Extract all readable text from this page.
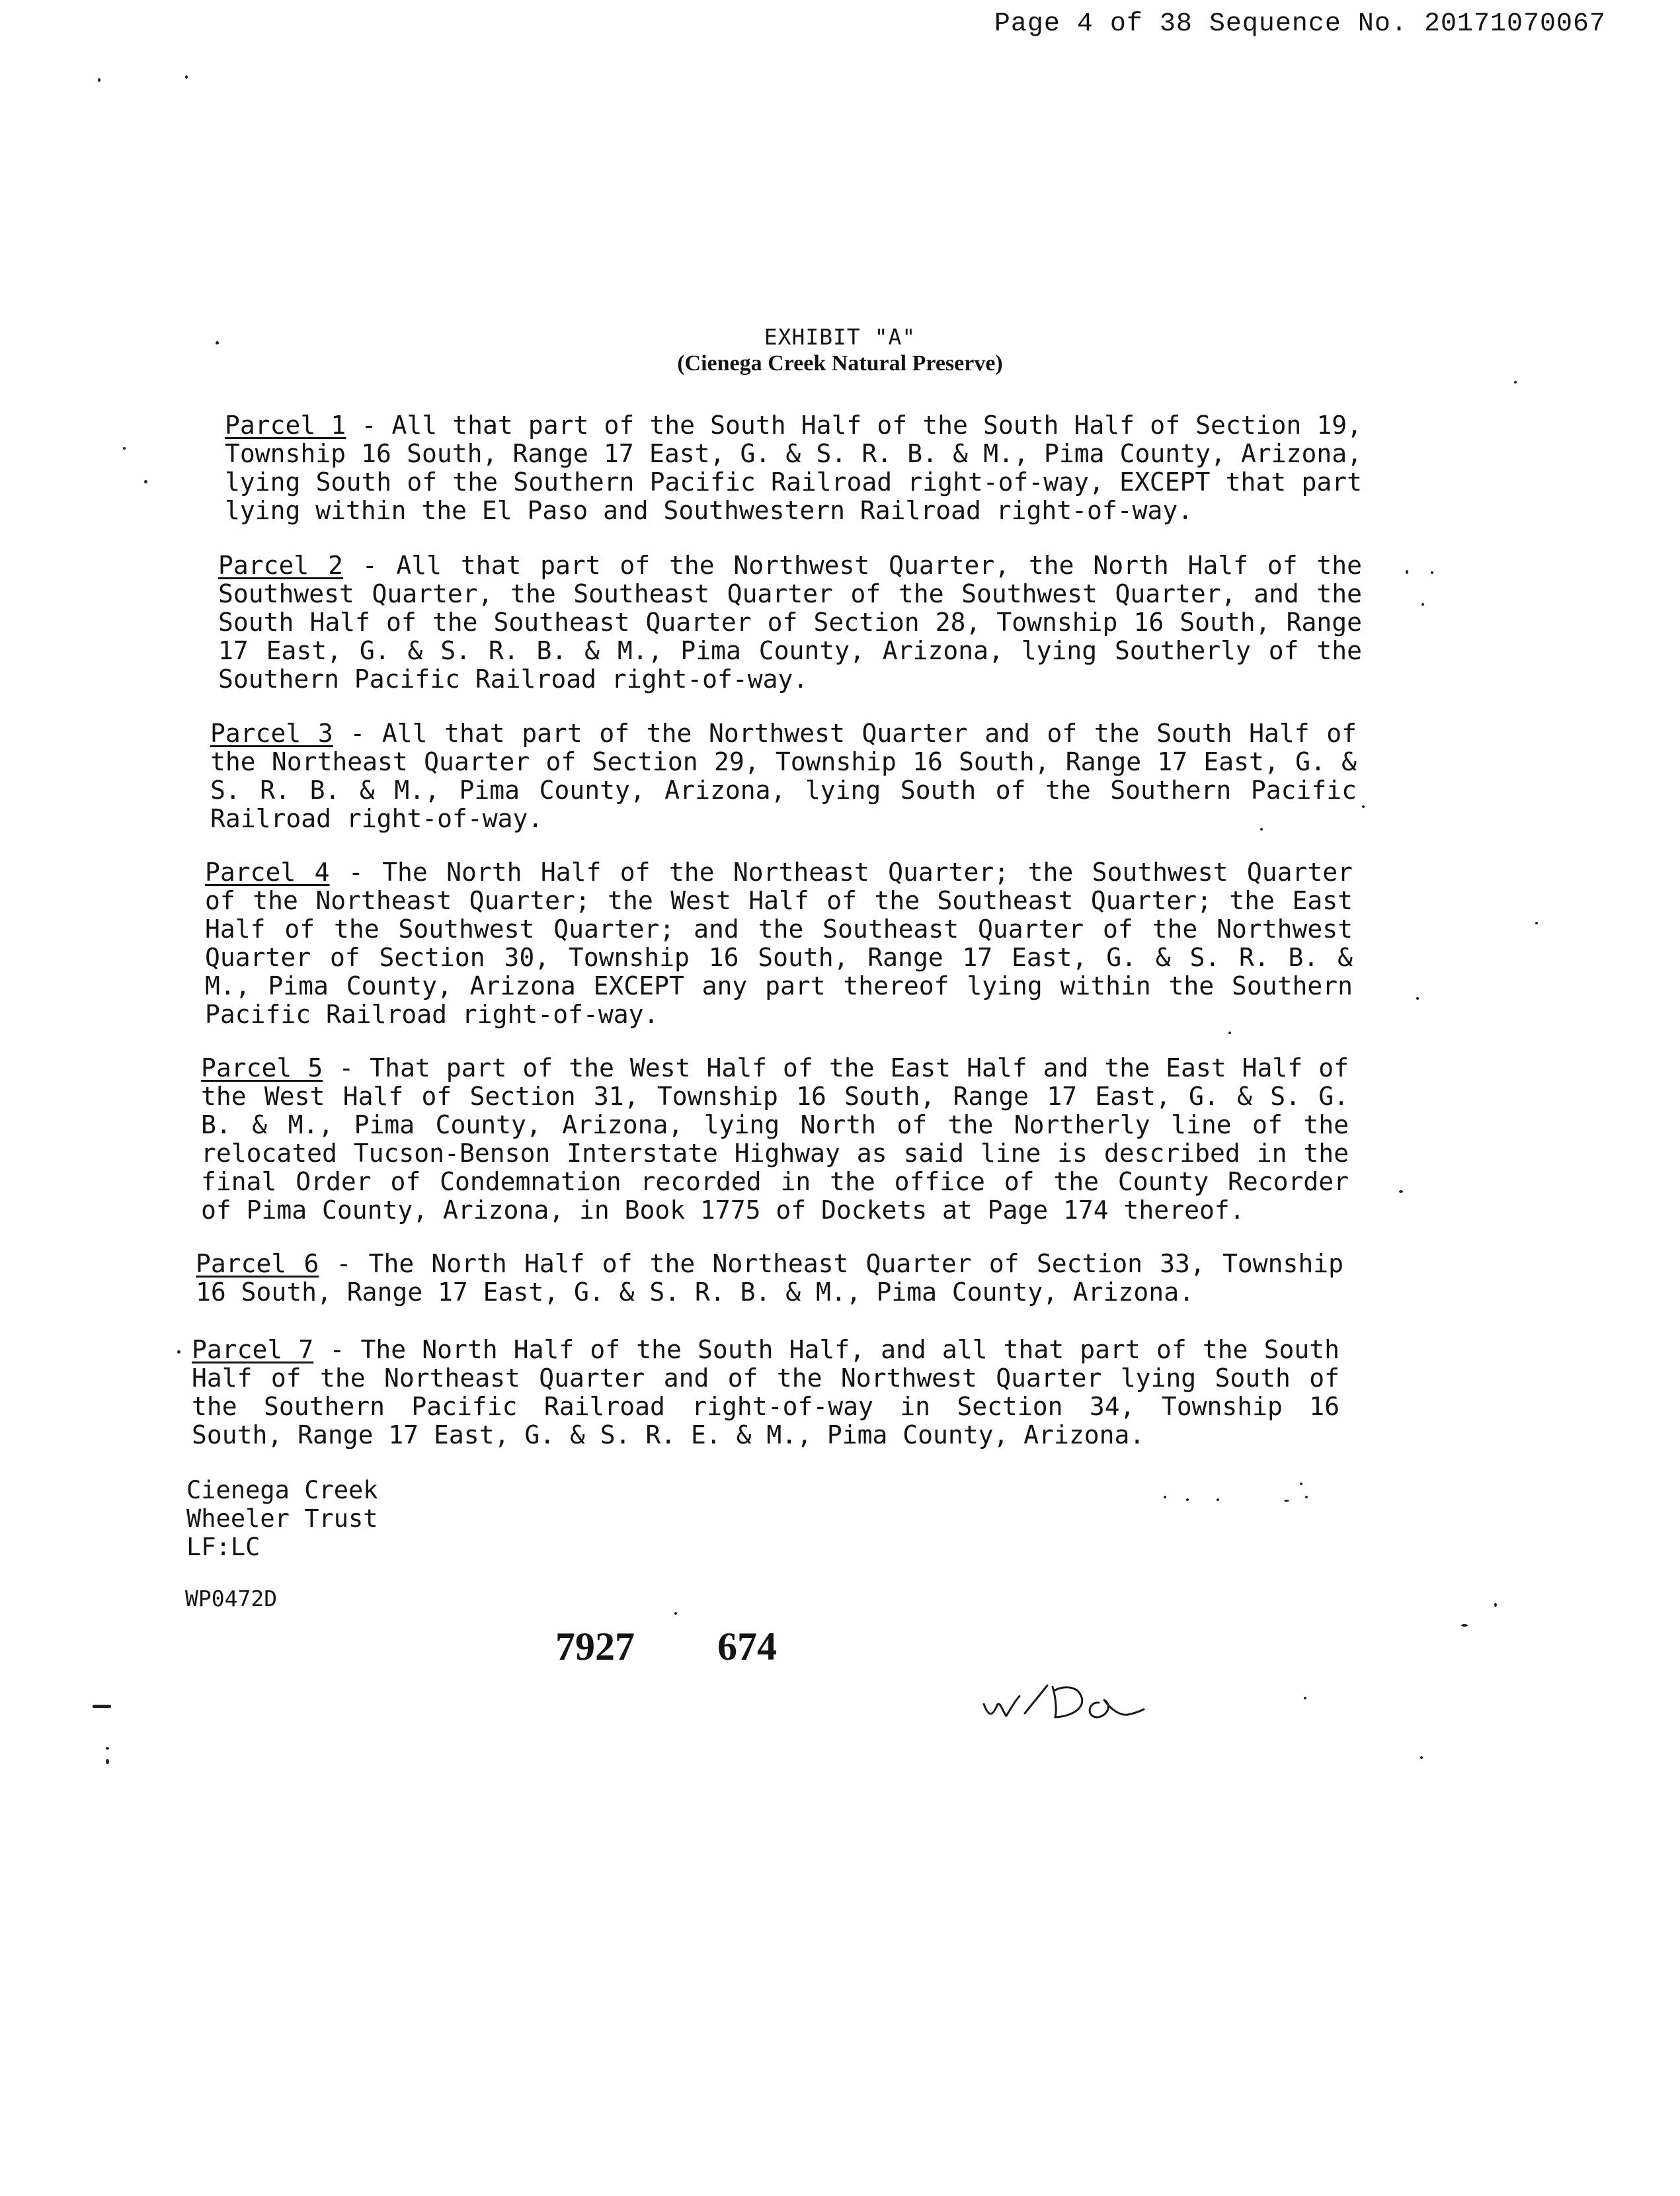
Page 4 of 38 Sequence No. 20171070067
EXHIBIT "A"
(Cienega Creek Natural Preserve)

Parcel 1 - All that part of the South Half of the South Half of Section 19, Township 16 South, Range 17 East, G. & S. R. B. & M., Pima County, Arizona, lying South of the Southern Pacific Railroad right-of-way, EXCEPT that part lying within the El Paso and Southwestern Railroad right-of-way.

Parcel 2 - All that part of the Northwest Quarter, the North Half of the Southwest Quarter, the Southeast Quarter of the Southwest Quarter, and the South Half of the Southeast Quarter of Section 28, Township 16 South, Range 17 East, G. & S. R. B. & M., Pima County, Arizona, lying Southerly of the Southern Pacific Railroad right-of-way.

Parcel 3 - All that part of the Northwest Quarter and of the South Half of the Northeast Quarter of Section 29, Township 16 South, Range 17 East, G. & S. R. B. & M., Pima County, Arizona, lying South of the Southern Pacific Railroad right-of-way.

Parcel 4 - The North Half of the Northeast Quarter; the Southwest Quarter of the Northeast Quarter; the West Half of the Southeast Quarter; the East Half of the Southwest Quarter; and the Southeast Quarter of the Northwest Quarter of Section 30, Township 16 South, Range 17 East, G. & S. R. B. & M., Pima County, Arizona EXCEPT any part thereof lying within the Southern Pacific Railroad right-of-way.

Parcel 5 - That part of the West Half of the East Half and the East Half of the West Half of Section 31, Township 16 South, Range 17 East, G. & S. G. B. & M., Pima County, Arizona, lying North of the Northerly line of the relocated Tucson-Benson Interstate Highway as said line is described in the final Order of Condemnation recorded in the office of the County Recorder of Pima County, Arizona, in Book 1775 of Dockets at Page 174 thereof.

Parcel 6 - The North Half of the Northeast Quarter of Section 33, Township 16 South, Range 17 East, G. & S. R. B. & M., Pima County, Arizona.

Parcel 7 - The North Half of the South Half, and all that part of the South Half of the Northeast Quarter and of the Northwest Quarter lying South of the Southern Pacific Railroad right-of-way in Section 34, Township 16 South, Range 17 East, G. & S. R. E. & M., Pima County, Arizona.

Cienega Creek
Wheeler Trust
LF:LC
WP0472D
7927 674
